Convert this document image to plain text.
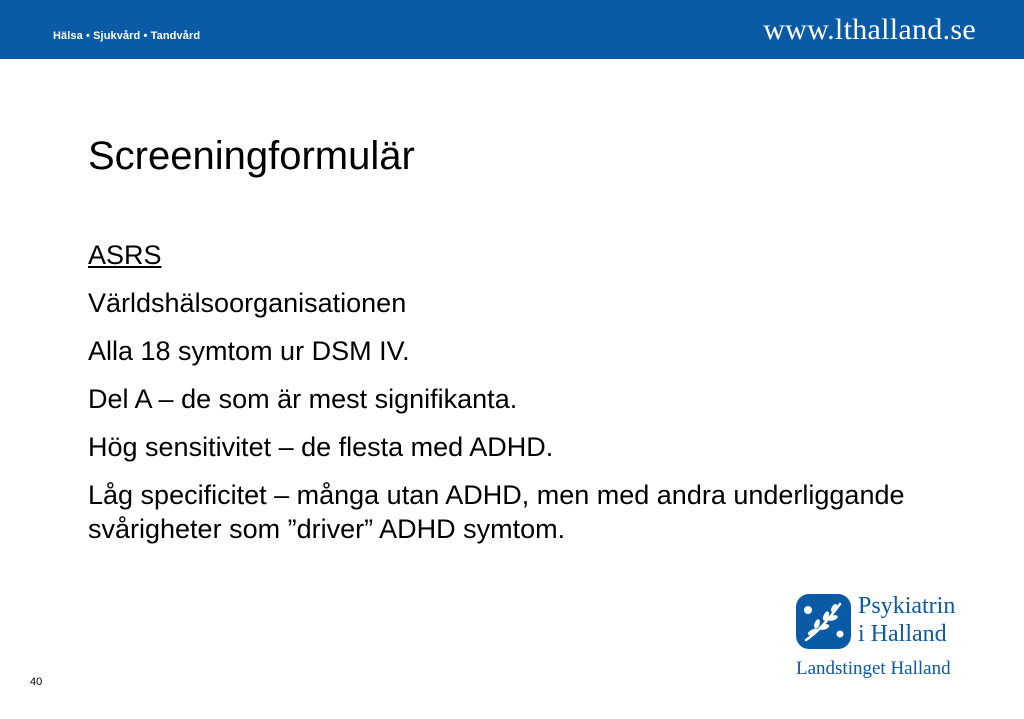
Hälsa • Sjukvård • Tandvård	www.lthalland.se
Screeningformulär
ASRS
Världshälsoorganisationen
Alla 18 symtom ur DSM IV.
Del A – de som är mest signifikanta.
Hög sensitivitet – de flesta med ADHD.
Låg specificitet – många utan ADHD, men med andra underliggande svårigheter som ”driver” ADHD symtom.
Psykiatrin
i Halland
Landstinget Halland
40
